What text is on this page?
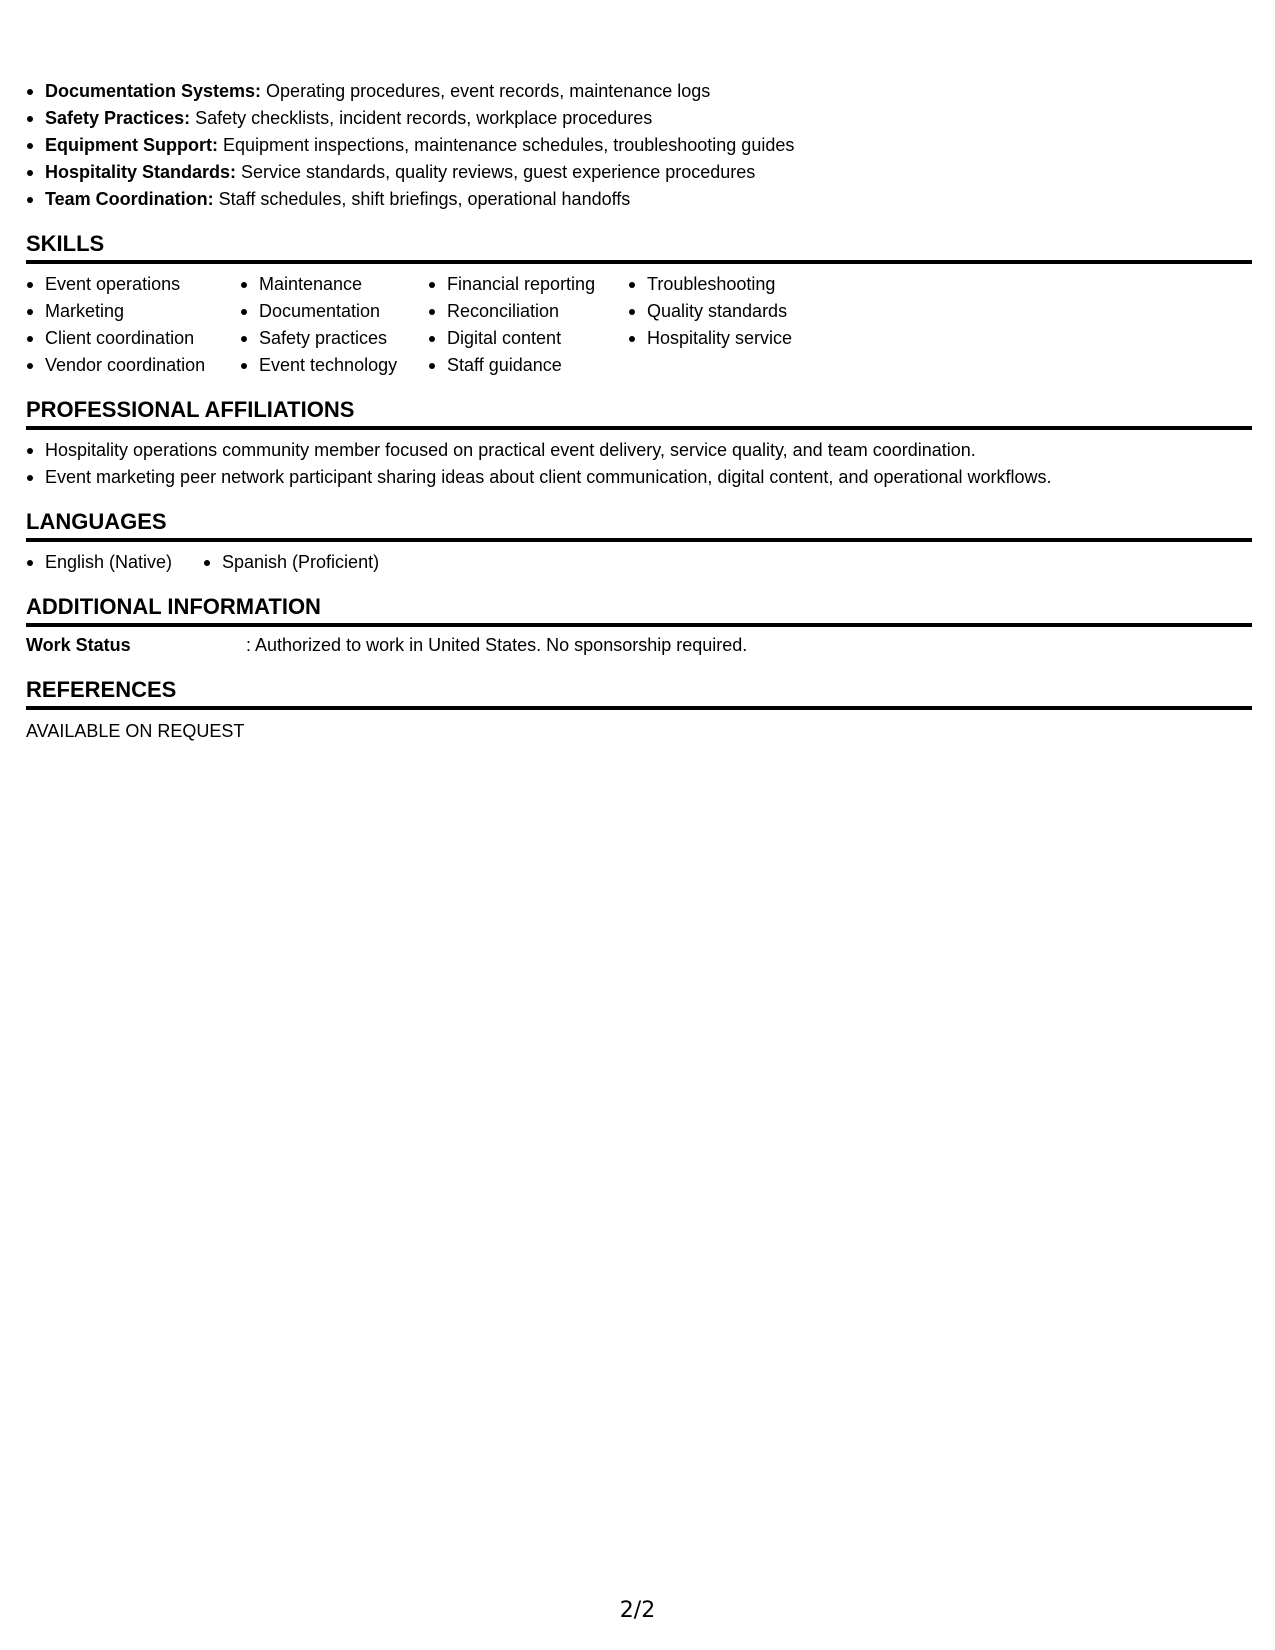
Documentation Systems: Operating procedures, event records, maintenance logs
Safety Practices: Safety checklists, incident records, workplace procedures
Equipment Support: Equipment inspections, maintenance schedules, troubleshooting guides
Hospitality Standards: Service standards, quality reviews, guest experience procedures
Team Coordination: Staff schedules, shift briefings, operational handoffs
SKILLS
Event operations
Marketing
Client coordination
Vendor coordination
Maintenance
Documentation
Safety practices
Event technology
Financial reporting
Reconciliation
Digital content
Staff guidance
Troubleshooting
Quality standards
Hospitality service
PROFESSIONAL AFFILIATIONS
Hospitality operations community member focused on practical event delivery, service quality, and team coordination.
Event marketing peer network participant sharing ideas about client communication, digital content, and operational workflows.
LANGUAGES
English (Native)	Spanish (Proficient)
ADDITIONAL INFORMATION
Work Status	: Authorized to work in United States. No sponsorship required.
REFERENCES
AVAILABLE ON REQUEST
2/2
